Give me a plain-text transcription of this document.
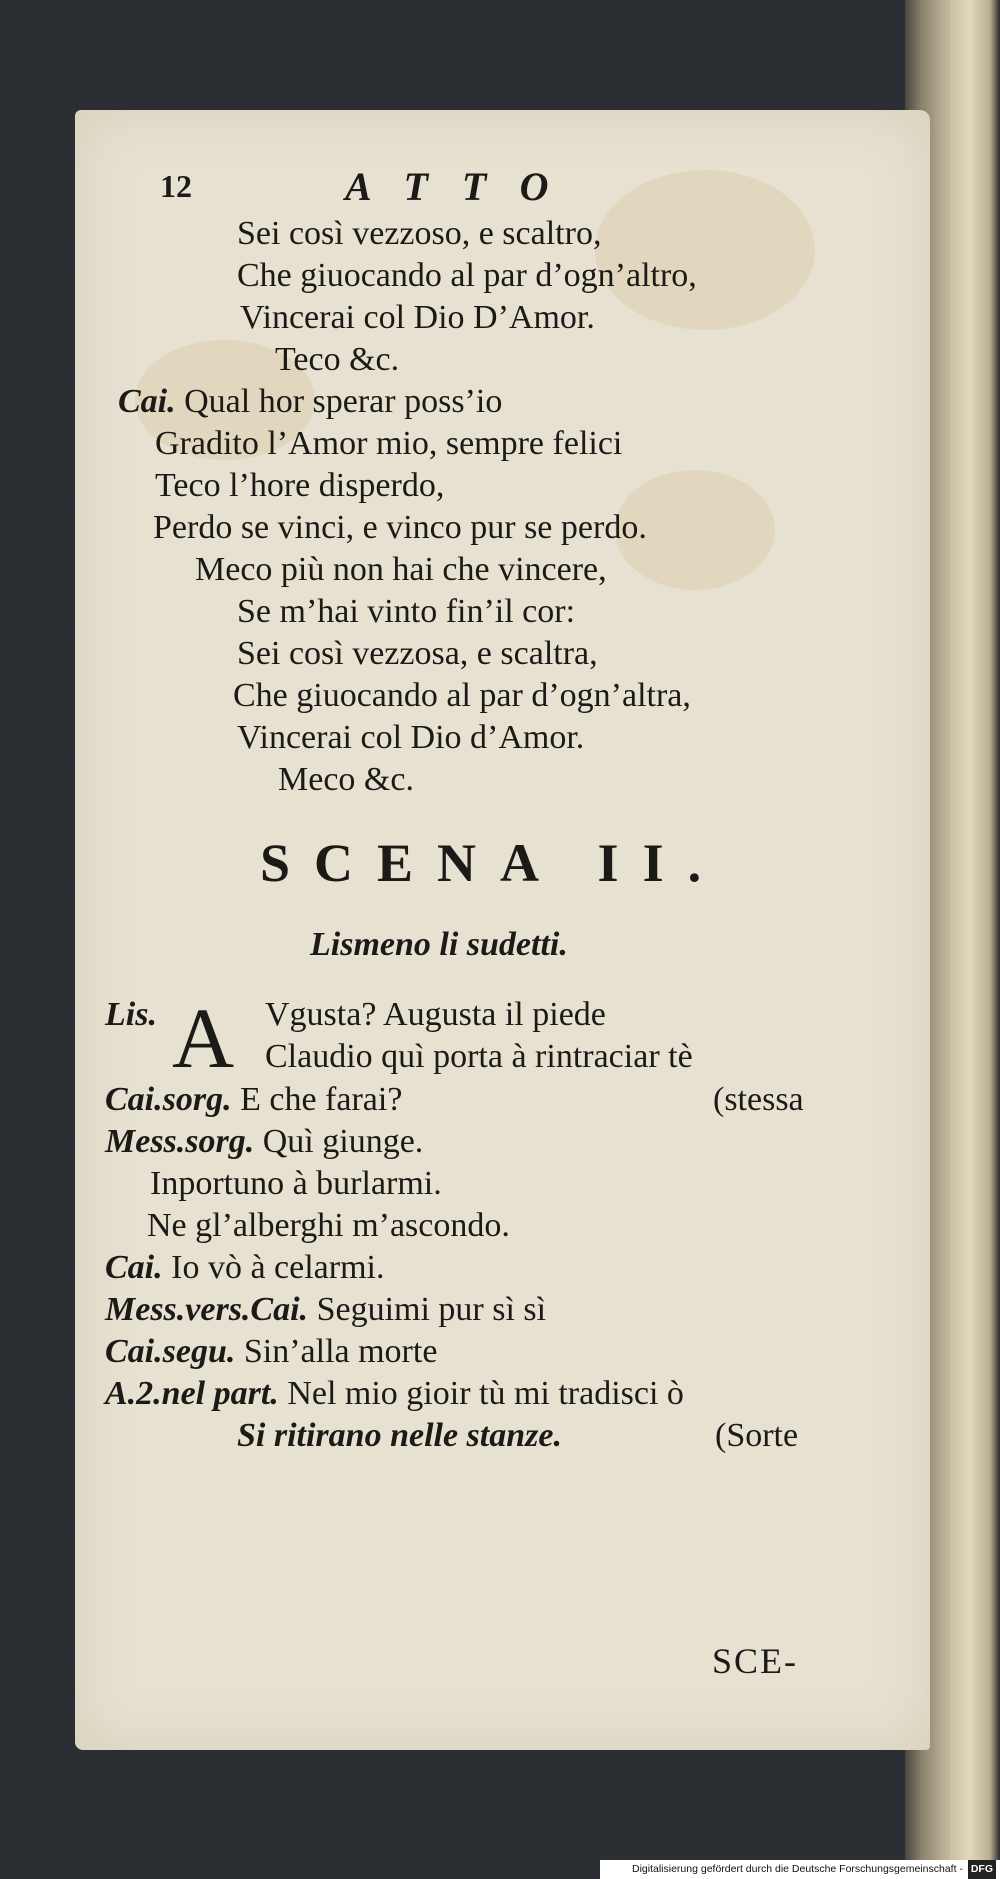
12	ATTO
Sei così vezzoso, e scaltro,
Che giuocando al par d’ogn’altro,
Vincerai col Dio D’Amor.
Teco &c.
Cai. Qual hor sperar poss’io
Gradito l’Amor mio, sempre felici
Teco l’hore disperdo,
Perdo se vinci, e vinco pur se perdo.
Meco più non hai che vincere,
Se m’hai vinto fin’il cor:
Sei così vezzosa, e scaltra,
Che giuocando al par d’ogn’altra,
Vincerai col Dio d’Amor.
Meco &c.
SCENA II.
Lismeno li sudetti.
A
Lis.	Vgusta? Augusta il piede
Claudio quì porta à rintraciar tè
Cai.sorg. E che farai?	(stessa
Mess.sorg. Quì giunge.
Inportuno à burlarmi.
Ne gl’alberghi m’ascondo.
Cai. Io vò à celarmi.
Mess.vers.Cai. Seguimi pur sì sì
Cai.segu. Sin’alla morte
A.2.nel part. Nel mio gioir tù mi tradisci ò
Si ritirano nelle stanze.	(Sorte
SCE-
Digitalisierung gefördert durch die Deutsche Forschungsgemeinschaft - DFG
